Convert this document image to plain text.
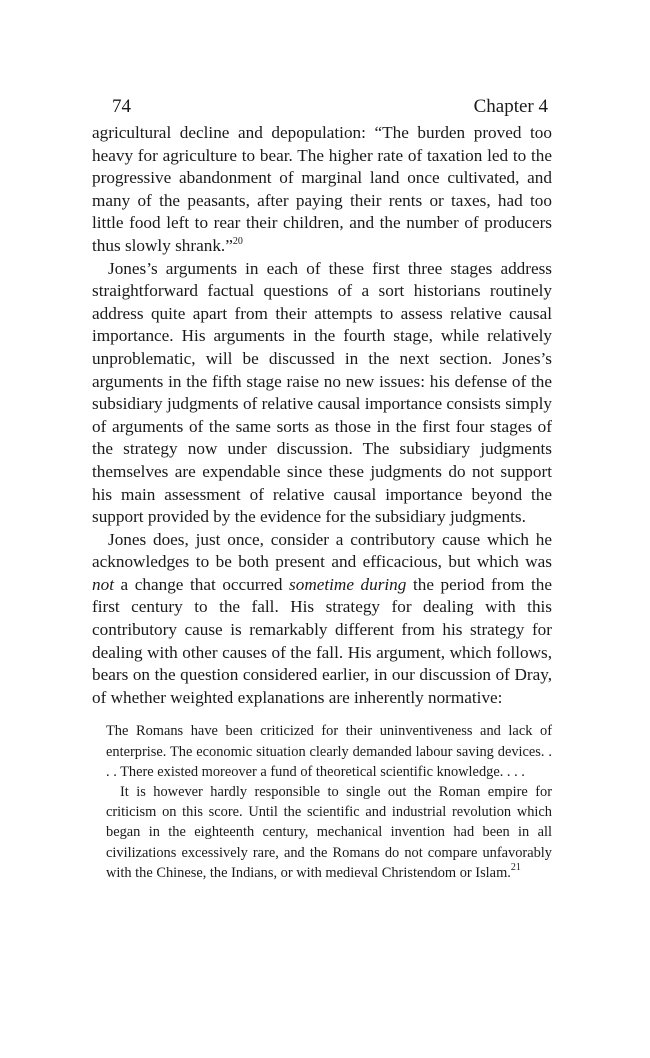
74	Chapter 4

agricultural decline and depopulation: “The burden proved too heavy for agriculture to bear. The higher rate of taxation led to the progressive abandonment of marginal land once cultivated, and many of the peasants, after paying their rents or taxes, had too little food left to rear their children, and the number of producers thus slowly shrank.”$^{20}$

Jones’s arguments in each of these first three stages address straightforward factual questions of a sort historians routinely address quite apart from their attempts to assess relative causal importance. His arguments in the fourth stage, while relatively unproblematic, will be discussed in the next section. Jones’s arguments in the fifth stage raise no new issues: his defense of the subsidiary judgments of relative causal importance consists simply of arguments of the same sorts as those in the first four stages of the strategy now under discussion. The subsidiary judgments themselves are expendable since these judgments do not support his main assessment of relative causal importance beyond the support provided by the evidence for the subsidiary judgments.

Jones does, just once, consider a contributory cause which he acknowledges to be both present and efficacious, but which was not a change that occurred sometime during the period from the first century to the fall. His strategy for dealing with this contributory cause is remarkably different from his strategy for dealing with other causes of the fall. His argument, which follows, bears on the question considered earlier, in our discussion of Dray, of whether weighted explanations are inherently normative:

The Romans have been criticized for their uninventiveness and lack of enterprise. The economic situation clearly demanded labour saving devices. . . . There existed moreover a fund of theoretical scientific knowledge. . . .

It is however hardly responsible to single out the Roman empire for criticism on this score. Until the scientific and industrial revolution which began in the eighteenth century, mechanical invention had been in all civilizations excessively rare, and the Romans do not compare unfavorably with the Chinese, the Indians, or with medieval Christendom or Islam.$^{21}$
